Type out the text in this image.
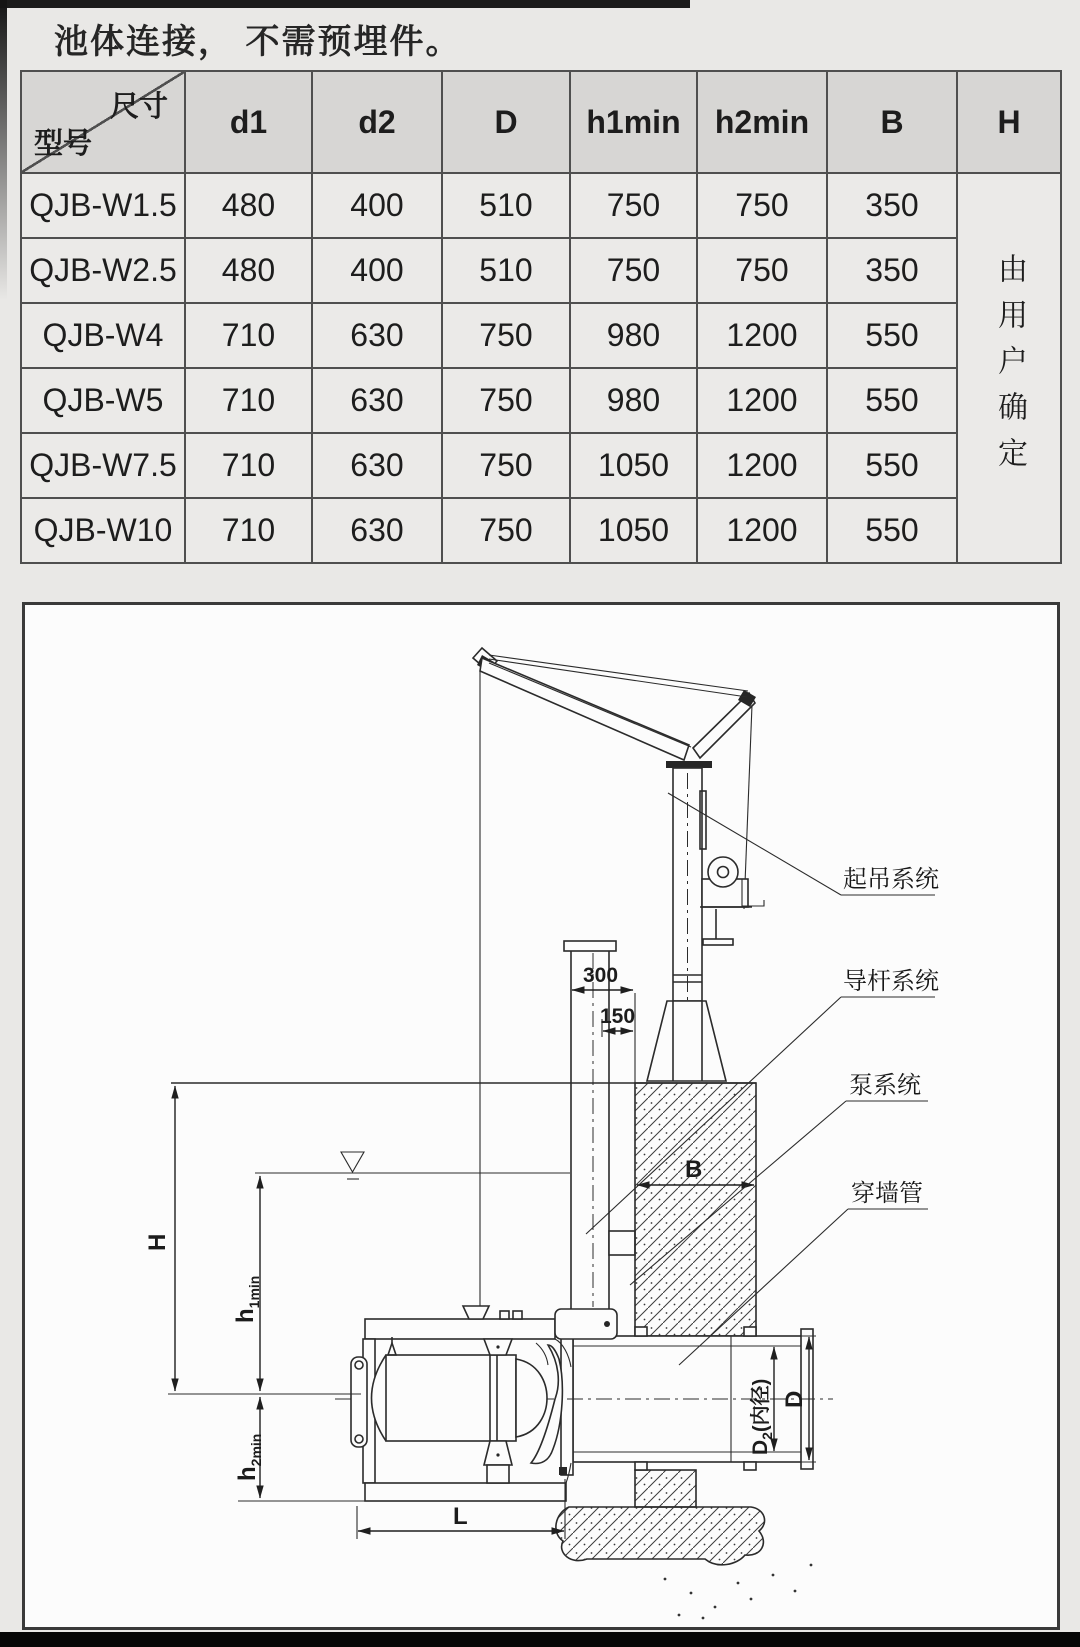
池体连接， 不需预埋件。
尺寸
型号	d1	d2	D	h1min	h2min	B	H
QJB-W1.5	480	400	510	750	750	350	由用户确定

QJB-W2.5	480	400	510	750	750	350	
QJB-W4	710	630	750	980	1200	550	
QJB-W5	710	630	750	980	1200	550	
QJB-W7.5	710	630	750	1050	1200	550	
QJB-W10	710	630	750	1050	1200	550	
300
150
B
L
H
$h_{1min}$
$h_{2min}$	$D_2$(内径) D
起吊系统
导杆系统
泵系统
穿墙管
